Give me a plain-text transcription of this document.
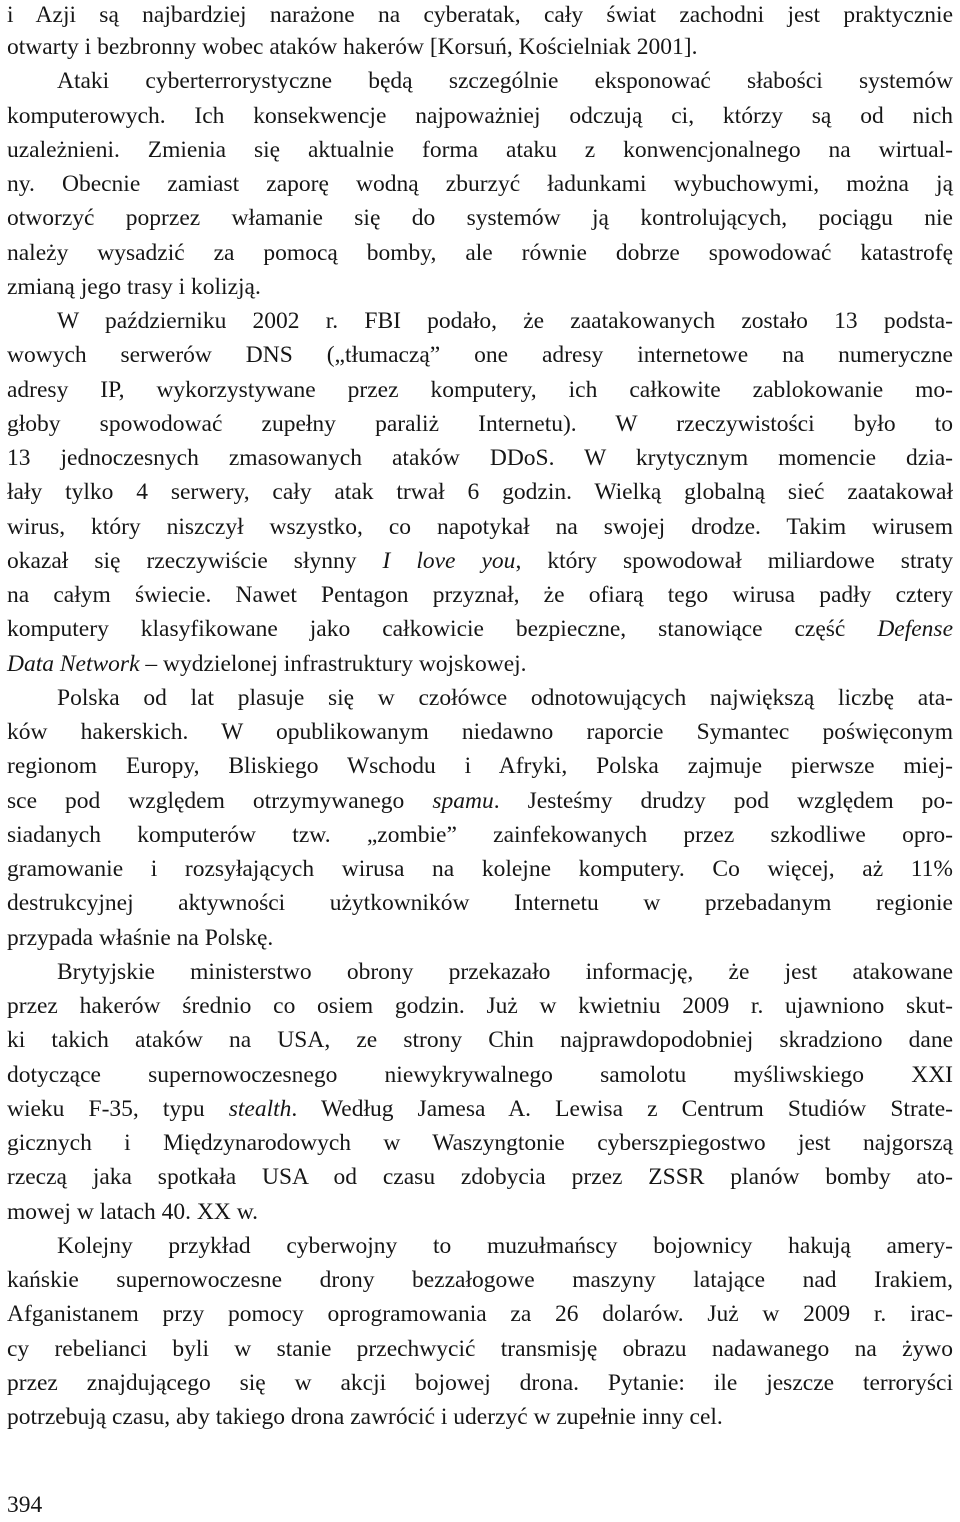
i Azji są najbardziej narażone na cyberatak, cały świat zachodni jest praktycznie
otwarty i bezbronny wobec ataków hakerów [Korsuń, Kościelniak 2001].
Ataki cyberterrorystyczne będą szczególnie eksponować słabości systemów
komputerowych. Ich konsekwencje najpoważniej odczują ci, którzy są od nich
uzależnieni. Zmienia się aktualnie forma ataku z konwencjonalnego na wirtual-
ny. Obecnie zamiast zaporę wodną zburzyć ładunkami wybuchowymi, można ją
otworzyć poprzez włamanie się do systemów ją kontrolujących, pociągu nie
należy wysadzić za pomocą bomby, ale równie dobrze spowodować katastrofę
zmianą jego trasy i kolizją.
W październiku 2002 r. FBI podało, że zaatakowanych zostało 13 podsta-
wowych serwerów DNS („tłumaczą” one adresy internetowe na numeryczne
adresy IP, wykorzystywane przez komputery, ich całkowite zablokowanie mo-
głoby spowodować zupełny paraliż Internetu). W rzeczywistości było to
13 jednoczesnych zmasowanych ataków DDoS. W krytycznym momencie dzia-
łały tylko 4 serwery, cały atak trwał 6 godzin. Wielką globalną sieć zaatakował
wirus, który niszczył wszystko, co napotykał na swojej drodze. Takim wirusem
okazał się rzeczywiście słynny I love you, który spowodował miliardowe straty
na całym świecie. Nawet Pentagon przyznał, że ofiarą tego wirusa padły cztery
komputery klasyfikowane jako całkowicie bezpieczne, stanowiące część Defense
Data Network – wydzielonej infrastruktury wojskowej.
Polska od lat plasuje się w czołówce odnotowujących największą liczbę ata-
ków hakerskich. W opublikowanym niedawno raporcie Symantec poświęconym
regionom Europy, Bliskiego Wschodu i Afryki, Polska zajmuje pierwsze miej-
sce pod względem otrzymywanego spamu. Jesteśmy drudzy pod względem po-
siadanych komputerów tzw. „zombie” zainfekowanych przez szkodliwe opro-
gramowanie i rozsyłających wirusa na kolejne komputery. Co więcej, aż 11%
destrukcyjnej aktywności użytkowników Internetu w przebadanym regionie
przypada właśnie na Polskę.
Brytyjskie ministerstwo obrony przekazało informację, że jest atakowane
przez hakerów średnio co osiem godzin. Już w kwietniu 2009 r. ujawniono skut-
ki takich ataków na USA, ze strony Chin najprawdopodobniej skradziono dane
dotyczące supernowoczesnego niewykrywalnego samolotu myśliwskiego XXI
wieku F-35, typu stealth. Według Jamesa A. Lewisa z Centrum Studiów Strate-
gicznych i Międzynarodowych w Waszyngtonie cyberszpiegostwo jest najgorszą
rzeczą jaka spotkała USA od czasu zdobycia przez ZSSR planów bomby ato-
mowej w latach 40. XX w.
Kolejny przykład cyberwojny to muzułmańscy bojownicy hakują amery-
kańskie supernowoczesne drony bezzałogowe maszyny latające nad Irakiem,
Afganistanem przy pomocy oprogramowania za 26 dolarów. Już w 2009 r. irac-
cy rebelianci byli w stanie przechwycić transmisję obrazu nadawanego na żywo
przez znajdującego się w akcji bojowej drona. Pytanie: ile jeszcze terroryści
potrzebują czasu, aby takiego drona zawrócić i uderzyć w zupełnie inny cel.
394
